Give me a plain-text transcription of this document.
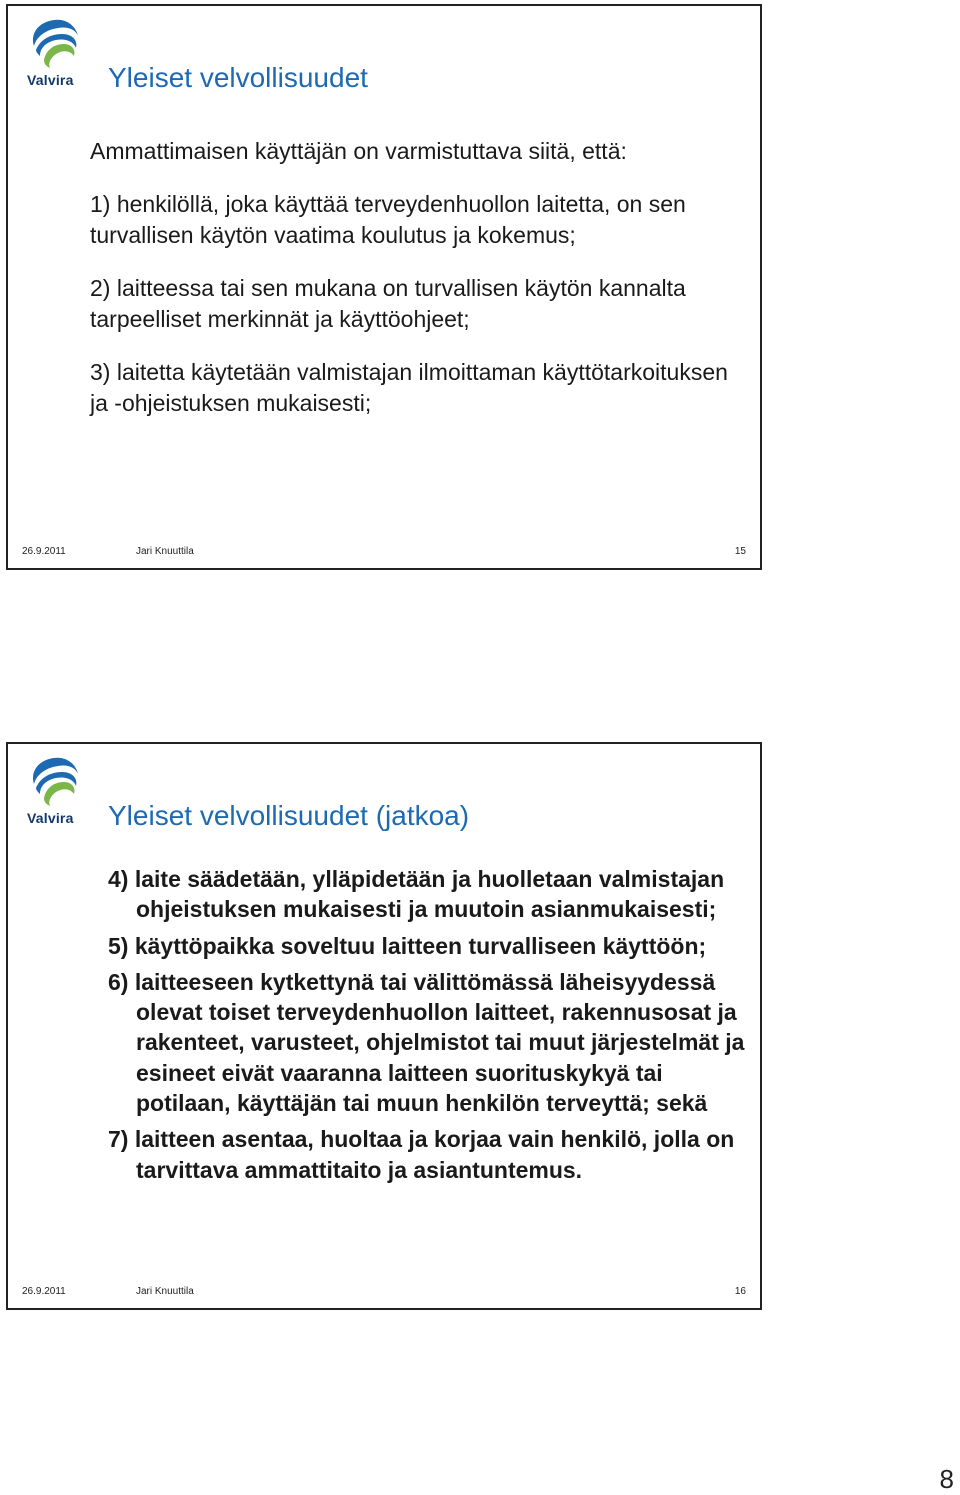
Valvira	Yleiset velvollisuudet

Ammattimaisen käyttäjän on varmistuttava siitä, että:

1) henkilöllä, joka käyttää terveydenhuollon laitetta, on sen turvallisen käytön vaatima koulutus ja kokemus;

2) laitteessa tai sen mukana on turvallisen käytön kannalta tarpeelliset merkinnät ja käyttöohjeet;

3) laitetta käytetään valmistajan ilmoittaman käyttötarkoituksen ja -ohjeistuksen mukaisesti;

26.9.2011	Jari Knuuttila	15
Valvira	Yleiset velvollisuudet (jatkoa)
4) laite säädetään, ylläpidetään ja huolletaan valmistajan ohjeistuksen mukaisesti ja muutoin asianmukaisesti;
5) käyttöpaikka soveltuu laitteen turvalliseen käyttöön;
6) laitteeseen kytkettynä tai välittömässä läheisyydessä olevat toiset terveydenhuollon laitteet, rakennusosat ja rakenteet, varusteet, ohjelmistot tai muut järjestelmät ja esineet eivät vaaranna laitteen suorituskykyä tai potilaan, käyttäjän tai muun henkilön terveyttä; sekä
7) laitteen asentaa, huoltaa ja korjaa vain henkilö, jolla on tarvittava ammattitaito ja asiantuntemus.
26.9.2011	Jari Knuuttila	16
8
